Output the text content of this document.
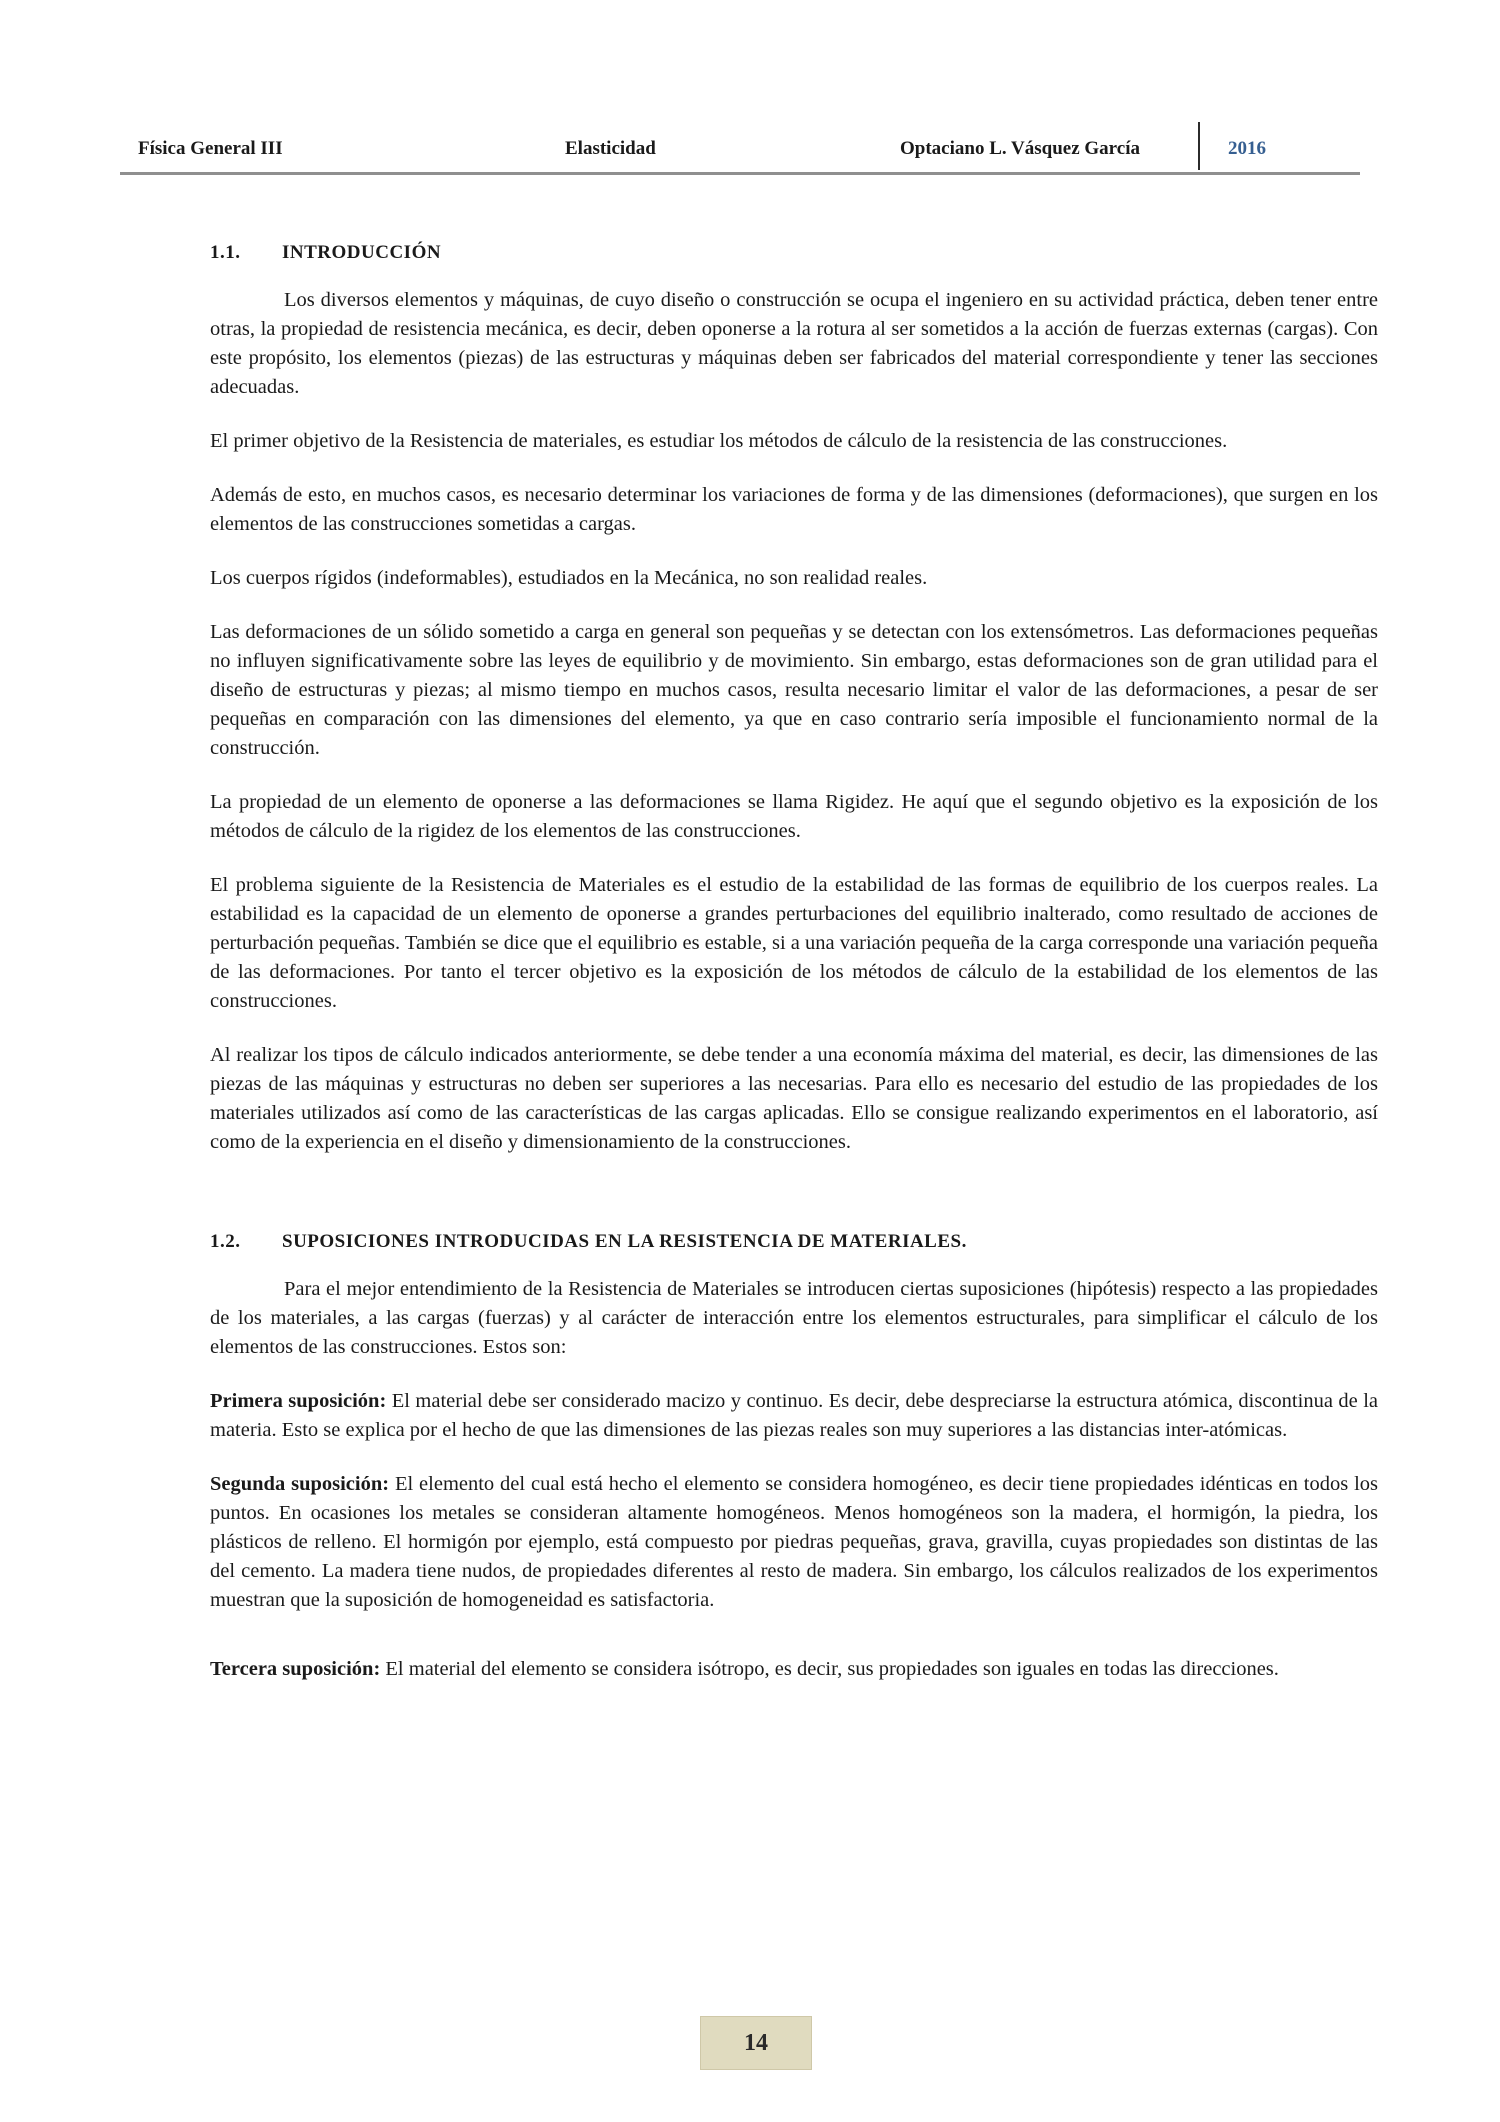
Física General III	Elasticidad	Optaciano L. Vásquez García	2016
1.1. INTRODUCCIÓN

Los diversos elementos y máquinas, de cuyo diseño o construcción se ocupa el ingeniero en su actividad práctica, deben tener entre otras, la propiedad de resistencia mecánica, es decir, deben oponerse a la rotura al ser sometidos a la acción de fuerzas externas (cargas). Con este propósito, los elementos (piezas) de las estructuras y máquinas deben ser fabricados del material correspondiente y tener las secciones adecuadas.

El primer objetivo de la Resistencia de materiales, es estudiar los métodos de cálculo de la resistencia de las construcciones.

Además de esto, en muchos casos, es necesario determinar los variaciones de forma y de las dimensiones (deformaciones), que surgen en los elementos de las construcciones sometidas a cargas.

Los cuerpos rígidos (indeformables), estudiados en la Mecánica, no son realidad reales.

Las deformaciones de un sólido sometido a carga en general son pequeñas y se detectan con los extensómetros. Las deformaciones pequeñas no influyen significativamente sobre las leyes de equilibrio y de movimiento. Sin embargo, estas deformaciones son de gran utilidad para el diseño de estructuras y piezas; al mismo tiempo en muchos casos, resulta necesario limitar el valor de las deformaciones, a pesar de ser pequeñas en comparación con las dimensiones del elemento, ya que en caso contrario sería imposible el funcionamiento normal de la construcción.

La propiedad de un elemento de oponerse a las deformaciones se llama Rigidez. He aquí que el segundo objetivo es la exposición de los métodos de cálculo de la rigidez de los elementos de las construcciones.

El problema siguiente de la Resistencia de Materiales es el estudio de la estabilidad de las formas de equilibrio de los cuerpos reales. La estabilidad es la capacidad de un elemento de oponerse a grandes perturbaciones del equilibrio inalterado, como resultado de acciones de perturbación pequeñas. También se dice que el equilibrio es estable, si a una variación pequeña de la carga corresponde una variación pequeña de las deformaciones. Por tanto el tercer objetivo es la exposición de los métodos de cálculo de la estabilidad de los elementos de las construcciones.

Al realizar los tipos de cálculo indicados anteriormente, se debe tender a una economía máxima del material, es decir, las dimensiones de las piezas de las máquinas y estructuras no deben ser superiores a las necesarias. Para ello es necesario del estudio de las propiedades de los materiales utilizados así como de las características de las cargas aplicadas. Ello se consigue realizando experimentos en el laboratorio, así como de la experiencia en el diseño y dimensionamiento de la construcciones.

1.2. SUPOSICIONES INTRODUCIDAS EN LA RESISTENCIA DE MATERIALES.

Para el mejor entendimiento de la Resistencia de Materiales se introducen ciertas suposiciones (hipótesis) respecto a las propiedades de los materiales, a las cargas (fuerzas) y al carácter de interacción entre los elementos estructurales, para simplificar el cálculo de los elementos de las construcciones. Estos son:

Primera suposición: El material debe ser considerado macizo y continuo. Es decir, debe despreciarse la estructura atómica, discontinua de la materia. Esto se explica por el hecho de que las dimensiones de las piezas reales son muy superiores a las distancias inter-atómicas.

Segunda suposición: El elemento del cual está hecho el elemento se considera homogéneo, es decir tiene propiedades idénticas en todos los puntos. En ocasiones los metales se consideran altamente homogéneos. Menos homogéneos son la madera, el hormigón, la piedra, los plásticos de relleno. El hormigón por ejemplo, está compuesto por piedras pequeñas, grava, gravilla, cuyas propiedades son distintas de las del cemento. La madera tiene nudos, de propiedades diferentes al resto de madera. Sin embargo, los cálculos realizados de los experimentos muestran que la suposición de homogeneidad es satisfactoria.

Tercera suposición: El material del elemento se considera isótropo, es decir, sus propiedades son iguales en todas las direcciones.

14
